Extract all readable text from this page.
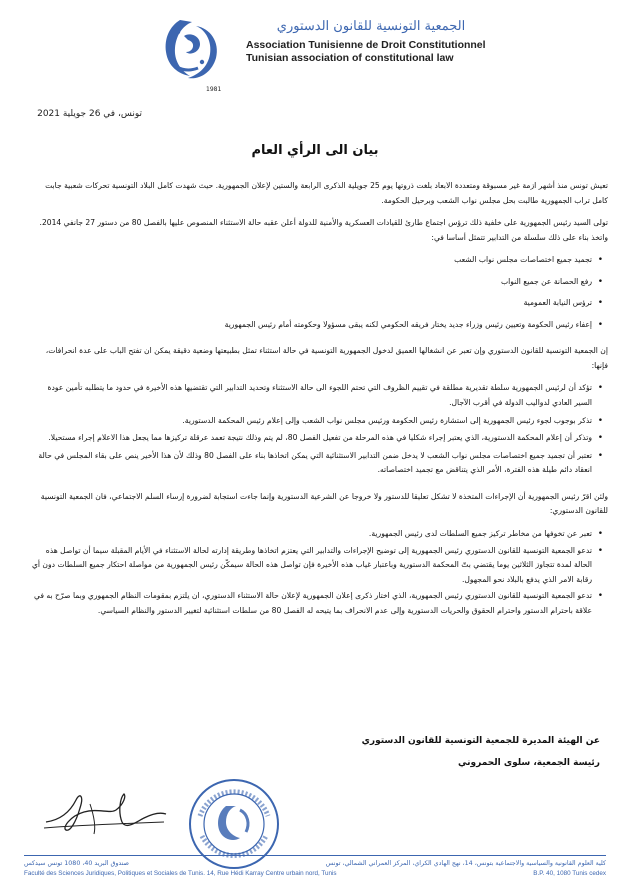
1981
الجمعية التونسية للقانون الدستوري
Association Tunisienne de Droit Constitutionnel
Tunisian association of constitutional law
تونس، في 26 جويلية 2021
بيان الى الرأي العام

تعيش تونس منذ أشهر ازمة غير مسبوقة ومتعددة الابعاد بلغت ذروتها يوم 25 جويلية الذكرى الرابعة والستين لإعلان الجمهورية. حيث شهدت كامل البلاد التونسية تحركات شعبية جابت كامل تراب الجمهورية طالبت بحل مجلس نواب الشعب وبرحيل الحكومة.

تولى السيد رئيس الجمهورية على خلفية ذلك ترؤس اجتماع طارئ للقيادات العسكرية والأمنية للدولة أعلن عقبه حالة الاستثناء المنصوص عليها بالفصل 80 من دستور 27 جانفي 2014. واتخذ بناء على ذلك سلسلة من التدابير تتمثل أساسا في:

• تجميد جميع اختصاصات مجلس نواب الشعب
• رفع الحصانة عن جميع النواب
• ترؤس النيابة العمومية
• إعفاء رئيس الحكومة وتعيين رئيس وزراء جديد يختار فريقه الحكومي لكنه يبقى مسؤولا وحكومته أمام رئيس الجمهورية

إن الجمعية التونسية للقانون الدستوري وإن تعبر عن انشغالها العميق لدخول الجمهورية التونسية في حالة استثناء تمثل بطبيعتها وضعية دقيقة يمكن ان تفتح الباب على عدة انحرافات، فإنها:

• تؤكد أن لرئيس الجمهورية سلطة تقديرية مطلقة في تقييم الظروف التي تحتم اللجوء الى حالة الاستثناء وتحديد التدابير التي تقتضيها هذه الأخيرة في حدود ما يتطلبه تأمين عودة السير العادي لدواليب الدولة في أقرب الآجال.
• تذكر بوجوب لجوء رئيس الجمهورية إلى استشارة رئيس الحكومة ورئيس مجلس نواب الشعب وإلى إعلام رئيس المحكمة الدستورية.
• وتذكر أن إعلام المحكمة الدستورية، الذي يعتبر إجراء شكليا في هذه المرحلة من تفعيل الفصل 80، لم يتم وذلك نتيجة تعمد عرقلة تركيزها مما يجعل هذا الاعلام إجراء مستحيلا.
• تعتبر أن تجميد جميع اختصاصات مجلس نواب الشعب لا يدخل ضمن التدابير الاستثنائية التي يمكن اتخاذها بناء على الفصل 80 وذلك لأن هذا الأخير ينص على بقاء المجلس في حالة انعقاد دائم طيلة هذه الفترة، الأمر الذي يتناقض مع تجميد اختصاصاته.

ولئن اقرّ رئيس الجمهورية أن الإجراءات المتخذة لا تشكل تعليقا للدستور ولا خروجا عن الشرعية الدستورية وإنما جاءت استجابة لضرورة إرساء السلم الاجتماعي، فان الجمعية التونسية للقانون الدستوري:

• تعبر عن تخوفها من مخاطر تركيز جميع السلطات لدى رئيس الجمهورية.
• تدعو الجمعية التونسية للقانون الدستوري رئيس الجمهورية إلى توضيح الإجراءات والتدابير التي يعتزم اتخاذها وطريقة إدارته لحالة الاستثناء في الأيام المقبلة سيما أن تواصل هذه الحالة لمدة تتجاوز الثلاثين يوما يقتضي بتّ المحكمة الدستورية وباعتبار غياب هذه الأخيرة فإن تواصل هذه الحالة سيمكّن رئيس الجمهورية من مواصلة احتكار جميع السلطات دون أي رقابة الامر الذي يدفع بالبلاد نحو المجهول.
• تدعو الجمعية التونسية للقانون الدستوري رئيس الجمهورية، الذي اختار ذكرى إعلان الجمهورية لإعلان حالة الاستثناء الدستوري، ان يلتزم بمقومات النظام الجمهوري وبما صرّح به في علاقة باحترام الدستور واحترام الحقوق والحريات الدستورية وإلى عدم الانحراف بما يتيحه له الفصل 80 من سلطات استثنائية لتغيير الدستور والنظام السياسي.
عن الهيئة المديرة للجمعية التونسية للقانون الدستوري
رئيسة الجمعية، سلوى الحمروني
كلية العلوم القانونية والسياسية والاجتماعية بتونس، 14، نهج الهادي الكراي، المركز العمراني الشمالي، تونس
صندوق البريد 40، 1080 تونس سيدكس
Faculté des Sciences Juridiques, Politiques et Sociales de Tunis. 14, Rue Hédi Karray Centre urbain nord, Tunis	B.P. 40, 1080 Tunis cedex
